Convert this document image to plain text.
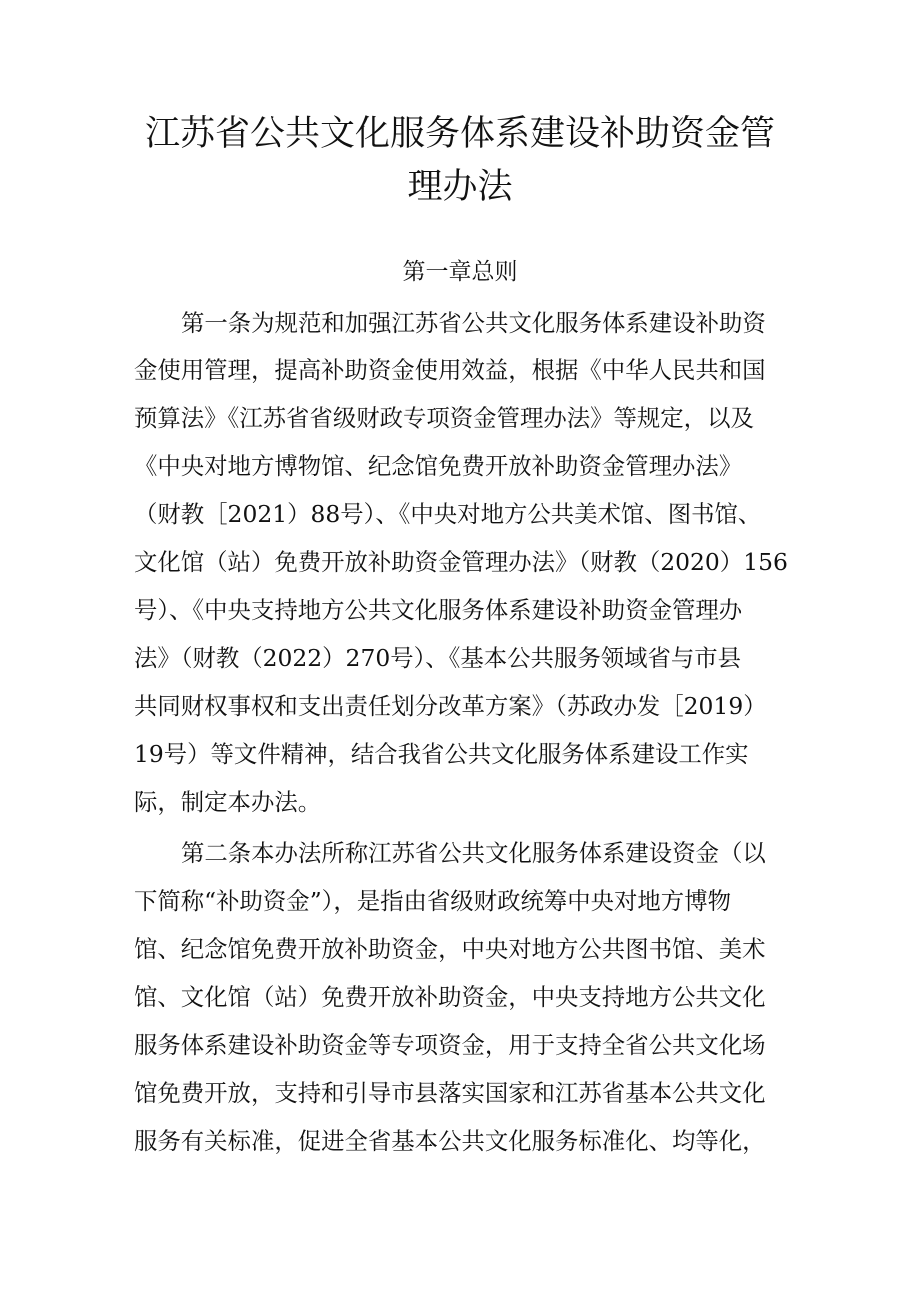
江苏省公共文化服务体系建设补助资金管
理办法
第一章总则
第一条为规范和加强江苏省公共文化服务体系建设补助资
金使用管理，提高补助资金使用效益，根据《中华人民共和国
预算法》《江苏省省级财政专项资金管理办法》等规定，以及
《中央对地方博物馆、纪念馆免费开放补助资金管理办法》
（财教［2021）88号）、《中央对地方公共美术馆、图书馆、
文化馆（站）免费开放补助资金管理办法》（财教（2020）156
号）、《中央支持地方公共文化服务体系建设补助资金管理办
法》（财教（2022）270号）、《基本公共服务领域省与市县
共同财权事权和支出责任划分改革方案》（苏政办发［2019）
19号）等文件精神，结合我省公共文化服务体系建设工作实
际，制定本办法。
第二条本办法所称江苏省公共文化服务体系建设资金（以
下简称“补助资金”），是指由省级财政统筹中央对地方博物
馆、纪念馆免费开放补助资金，中央对地方公共图书馆、美术
馆、文化馆（站）免费开放补助资金，中央支持地方公共文化
服务体系建设补助资金等专项资金，用于支持全省公共文化场
馆免费开放，支持和引导市县落实国家和江苏省基本公共文化
服务有关标准，促进全省基本公共文化服务标准化、均等化，
